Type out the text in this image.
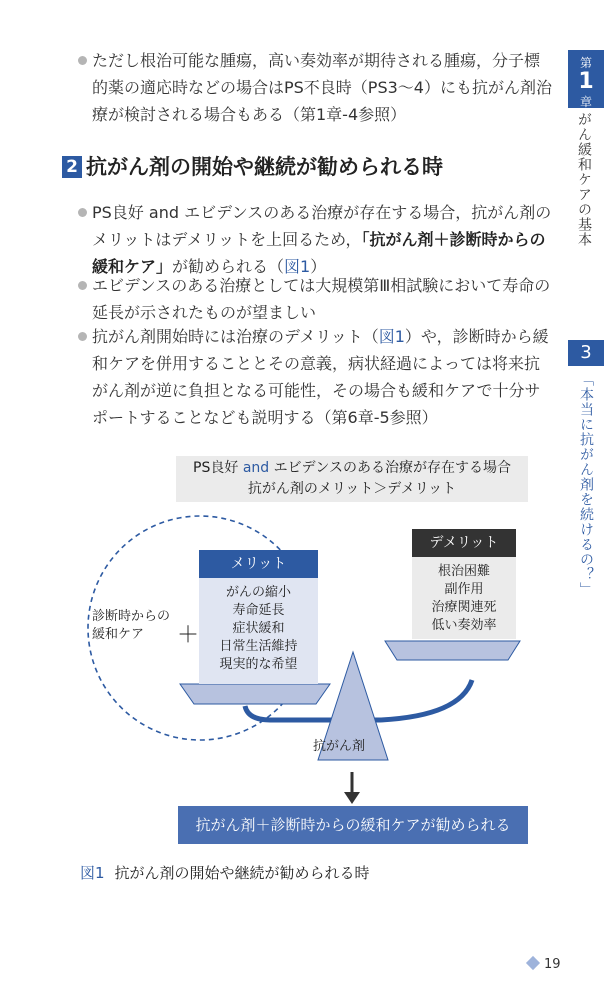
第
1
章
がん緩和ケアの基本
3
「本当に抗がん剤を続けるの？」
ただし根治可能な腫瘍，高い奏効率が期待される腫瘍，分子標的薬の適応時などの場合はPS不良時（PS3～4）にも抗がん剤治療が検討される場合もある（第1章-4参照）
2 抗がん剤の開始や継続が勧められる時
PS良好 and エビデンスのある治療が存在する場合，抗がん剤のメリットはデメリットを上回るため，「抗がん剤＋診断時からの緩和ケア」が勧められる（図1）
エビデンスのある治療としては大規模第Ⅲ相試験において寿命の延長が示されたものが望ましい
抗がん剤開始時には治療のデメリット（図1）や，診断時から緩和ケアを併用することとその意義，病状経過によっては将来抗がん剤が逆に負担となる可能性，その場合も緩和ケアで十分サポートすることなども説明する（第6章-5参照）
PS良好 and エビデンスのある治療が存在する場合
抗がん剤のメリット＞デメリット
メリット
がんの縮小
寿命延長
症状緩和
日常生活維持
現実的な希望
デメリット
根治困難
副作用
治療関連死
低い奏効率
診断時からの
緩和ケア	＋
抗がん剤
抗がん剤＋診断時からの緩和ケアが勧められる
図1 抗がん剤の開始や継続が勧められる時
19
